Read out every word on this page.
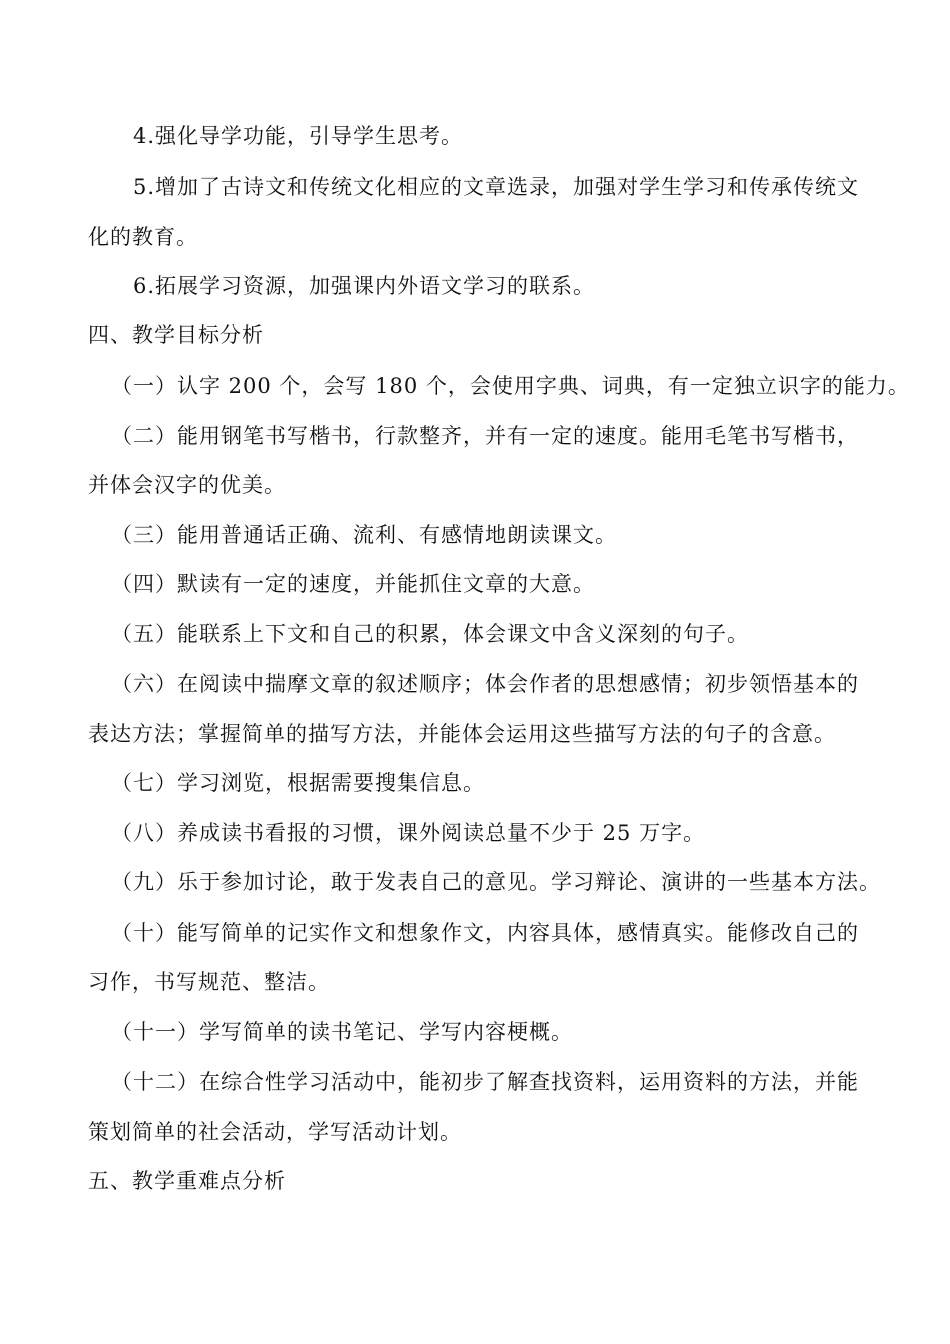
4.强化导学功能，引导学生思考。
5.增加了古诗文和传统文化相应的文章选录，加强对学生学习和传承传统文
化的教育。
6.拓展学习资源，加强课内外语文学习的联系。
四、教学目标分析
（一）认字 200 个，会写 180 个，会使用字典、词典，有一定独立识字的能力。
（二）能用钢笔书写楷书，行款整齐，并有一定的速度。能用毛笔书写楷书，
并体会汉字的优美。
（三）能用普通话正确、流利、有感情地朗读课文。
（四）默读有一定的速度，并能抓住文章的大意。
（五）能联系上下文和自己的积累，体会课文中含义深刻的句子。
（六）在阅读中揣摩文章的叙述顺序；体会作者的思想感情；初步领悟基本的
表达方法；掌握简单的描写方法，并能体会运用这些描写方法的句子的含意。
（七）学习浏览，根据需要搜集信息。
（八）养成读书看报的习惯，课外阅读总量不少于 25 万字。
（九）乐于参加讨论，敢于发表自己的意见。学习辩论、演讲的一些基本方法。
（十）能写简单的记实作文和想象作文，内容具体，感情真实。能修改自己的
习作，书写规范、整洁。
（十一）学写简单的读书笔记、学写内容梗概。
（十二）在综合性学习活动中，能初步了解查找资料，运用资料的方法，并能
策划简单的社会活动，学写活动计划。
五、教学重难点分析
